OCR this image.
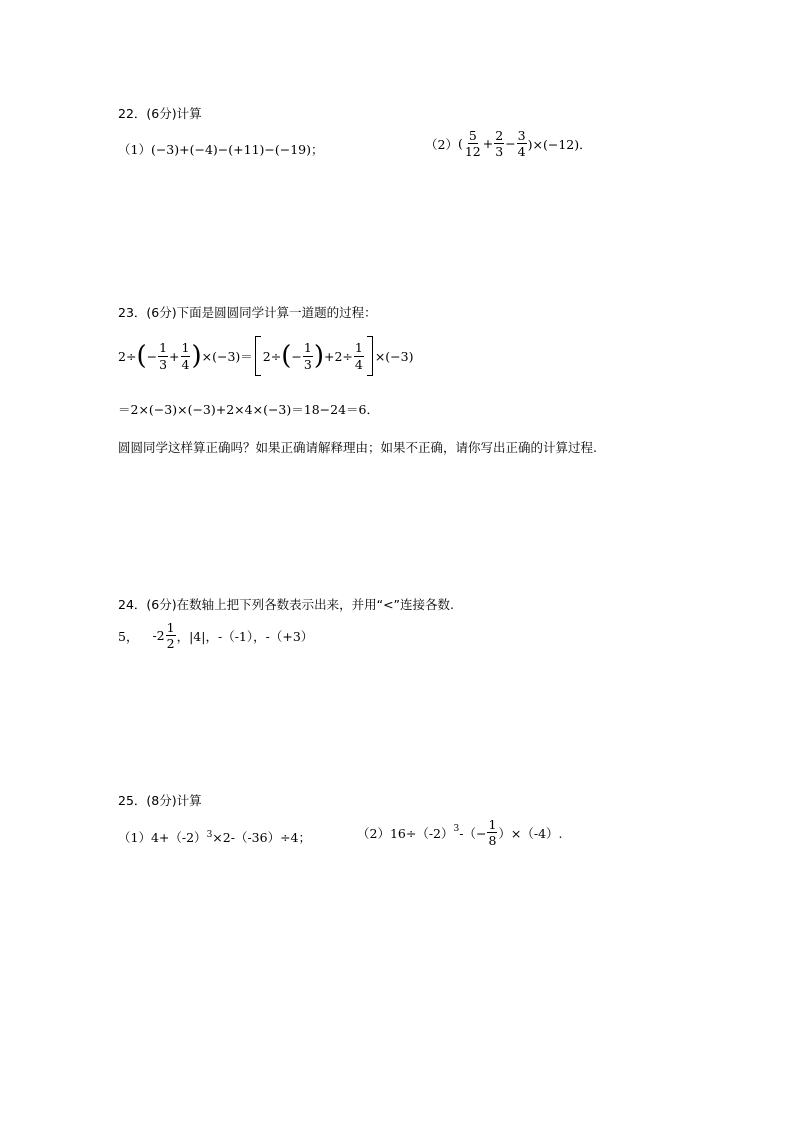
22．(6分)计算
（1）(−3)+(−4)−(+11)−(−19)；	（2） ( $\frac{5}{12} + \frac{2}{3} - \frac{3}{4} )\times(-12)$．
23．(6分)下面是圆圆同学计算一道题的过程：
2÷ ( − $\frac{1}{3} + \frac{1}{4}$ ) ×(−3)＝ 2÷ ( − $\frac{1}{3}$ ) $+2\div \frac{1}{4} \times(-3)$
＝2×(−3)×(−3)+2×4×(−3)＝18−24＝6．
圆圆同学这样算正确吗？如果正确请解释理由；如果不正确，请你写出正确的计算过程.
24．(6分)在数轴上把下列各数表示出来，并用“<”连接各数.
5， $-2 \frac{1}{2}$ ，|4|，-（-1），-（+3）
25．(8分)计算
$(1)4+(-2)^3\times 2-(-36)\div 4$；	$(2)16\div(-2)^3$ -（− $\frac{1}{8} )\times(-4)$.
